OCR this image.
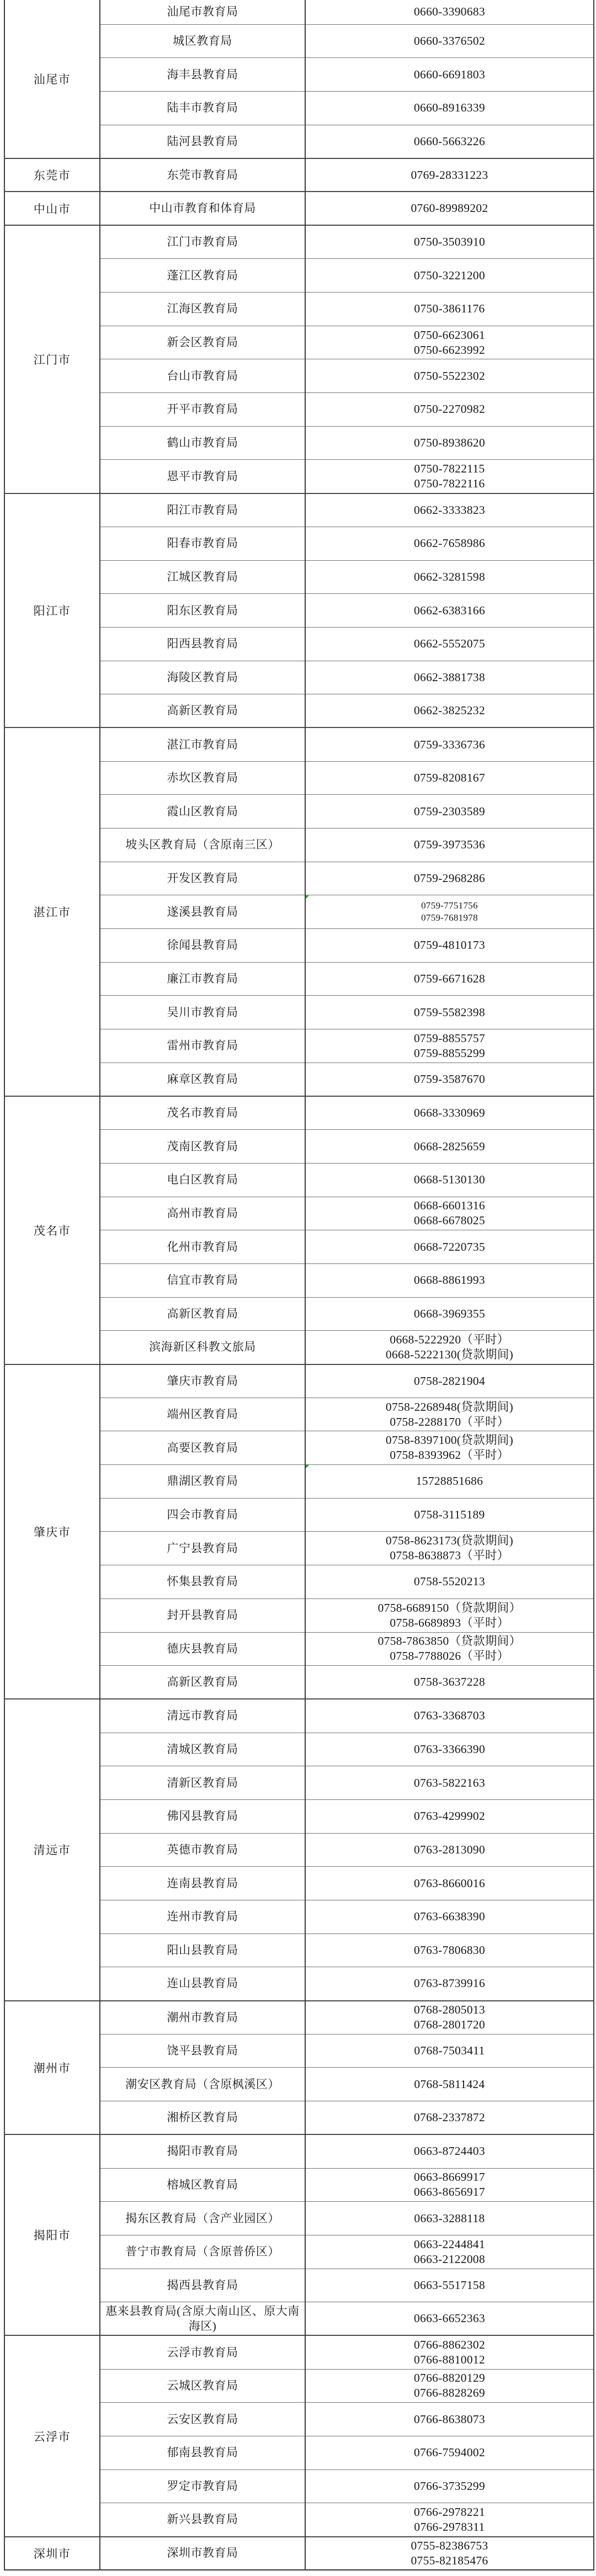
汕尾市	汕尾市教育局	0660-3390683

	城区教育局	0660-3376502

	海丰县教育局	0660-6691803

	陆丰市教育局	0660-8916339

	陆河县教育局	0660-5663226

东莞市	东莞市教育局	0769-28331223

中山市	中山市教育和体育局	0760-89989202

江门市	江门市教育局	0750-3503910

	蓬江区教育局	0750-3221200

	江海区教育局	0750-3861176

	新会区教育局	0750-6623061
0750-6623992

	台山市教育局	0750-5522302

	开平市教育局	0750-2270982

	鹤山市教育局	0750-8938620

	恩平市教育局	0750-7822115
0750-7822116

阳江市	阳江市教育局	0662-3333823

	阳春市教育局	0662-7658986

	江城区教育局	0662-3281598

	阳东区教育局	0662-6383166

	阳西县教育局	0662-5552075

	海陵区教育局	0662-3881738

	高新区教育局	0662-3825232

湛江市	湛江市教育局	0759-3336736

	赤坎区教育局	0759-8208167

	霞山区教育局	0759-2303589

	坡头区教育局（含原南三区）	0759-3973536

	开发区教育局	0759-2968286

	遂溪县教育局	0759-7751756
0759-7681978

	徐闻县教育局	0759-4810173

	廉江市教育局	0759-6671628

	吴川市教育局	0759-5582398

	雷州市教育局	0759-8855757
0759-8855299

	麻章区教育局	0759-3587670

茂名市	茂名市教育局	0668-3330969

	茂南区教育局	0668-2825659

	电白区教育局	0668-5130130

	高州市教育局	0668-6601316
0668-6678025

	化州市教育局	0668-7220735

	信宜市教育局	0668-8861993

	高新区教育局	0668-3969355

	滨海新区科教文旅局	0668-5222920（平时）
0668-5222130(贷款期间)

肇庆市	肇庆市教育局	0758-2821904

	端州区教育局	0758-2268948(贷款期间)
0758-2288170（平时）

	高要区教育局	0758-8397100(贷款期间)
0758-8393962（平时）

	鼎湖区教育局	15728851686

	四会市教育局	0758-3115189

	广宁县教育局	0758-8623173(贷款期间)
0758-8638873（平时）

	怀集县教育局	0758-5520213

	封开县教育局	0758-6689150（贷款期间）
0758-6689893（平时）

	德庆县教育局	0758-7863850（贷款期间）
0758-7788026（平时）

	高新区教育局	0758-3637228

清远市	清远市教育局	0763-3368703

	清城区教育局	0763-3366390

	清新区教育局	0763-5822163

	佛冈县教育局	0763-4299902

	英德市教育局	0763-2813090

	连南县教育局	0763-8660016

	连州市教育局	0763-6638390

	阳山县教育局	0763-7806830

	连山县教育局	0763-8739916

潮州市	潮州市教育局	0768-2805013
0768-2801720

	饶平县教育局	0768-7503411

	潮安区教育局（含原枫溪区）	0768-5811424

	湘桥区教育局	0768-2337872

揭阳市	揭阳市教育局	0663-8724403

	榕城区教育局	0663-8669917
0663-8656917

	揭东区教育局（含产业园区）	0663-3288118

	普宁市教育局（含原普侨区）	0663-2244841
0663-2122008

	揭西县教育局	0663-5517158

	惠来县教育局(含原大南山区、原大南海区)	0663-6652363

云浮市	云浮市教育局	0766-8862302
0766-8810012

	云城区教育局	0766-8820129
0766-8828269

	云安区教育局	0766-8638073

	郁南县教育局	0766-7594002

	罗定市教育局	0766-3735299

	新兴县教育局	0766-2978221
0766-2978311

深圳市	深圳市教育局	0755-82386753
0755-82185476
